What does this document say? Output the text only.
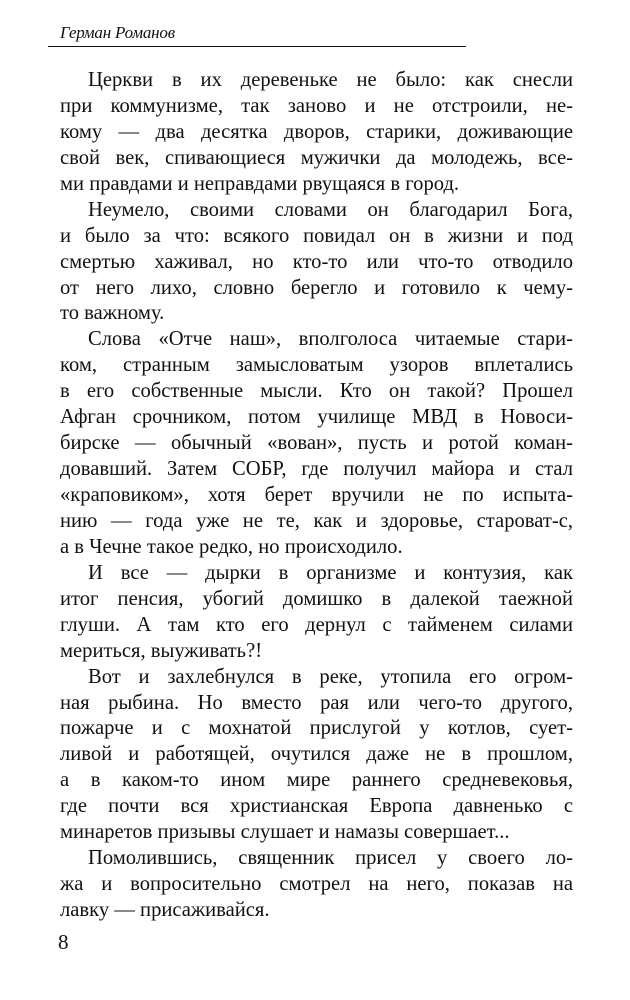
Герман Романов
Церкви в их деревеньке не было: как снесли
при коммунизме, так заново и не отстроили, не-
кому — два десятка дворов, старики, доживающие
свой век, спивающиеся мужички да молодежь, все-
ми правдами и неправдами рвущаяся в город.
Неумело, своими словами он благодарил Бога,
и было за что: всякого повидал он в жизни и под
смертью хаживал, но кто-то или что-то отводило
от него лихо, словно берегло и готовило к чему-
то важному.
Слова «Отче наш», вполголоса читаемые стари-
ком, странным замысловатым узоров вплетались
в его собственные мысли. Кто он такой? Прошел
Афган срочником, потом училище МВД в Новоси-
бирске — обычный «вован», пусть и ротой коман-
довавший. Затем СОБР, где получил майора и стал
«краповиком», хотя берет вручили не по испыта-
нию — года уже не те, как и здоровье, староват-с,
а в Чечне такое редко, но происходило.
И все — дырки в организме и контузия, как
итог пенсия, убогий домишко в далекой таежной
глуши. А там кто его дернул с тайменем силами
мериться, выуживать?!
Вот и захлебнулся в реке, утопила его огром-
ная рыбина. Но вместо рая или чего-то другого,
пожарче и с мохнатой прислугой у котлов, сует-
ливой и работящей, очутился даже не в прошлом,
а в каком-то ином мире раннего средневековья,
где почти вся христианская Европа давненько с
минаретов призывы слушает и намазы совершает...
Помолившись, священник присел у своего ло-
жа и вопросительно смотрел на него, показав на
лавку — присаживайся.
8
